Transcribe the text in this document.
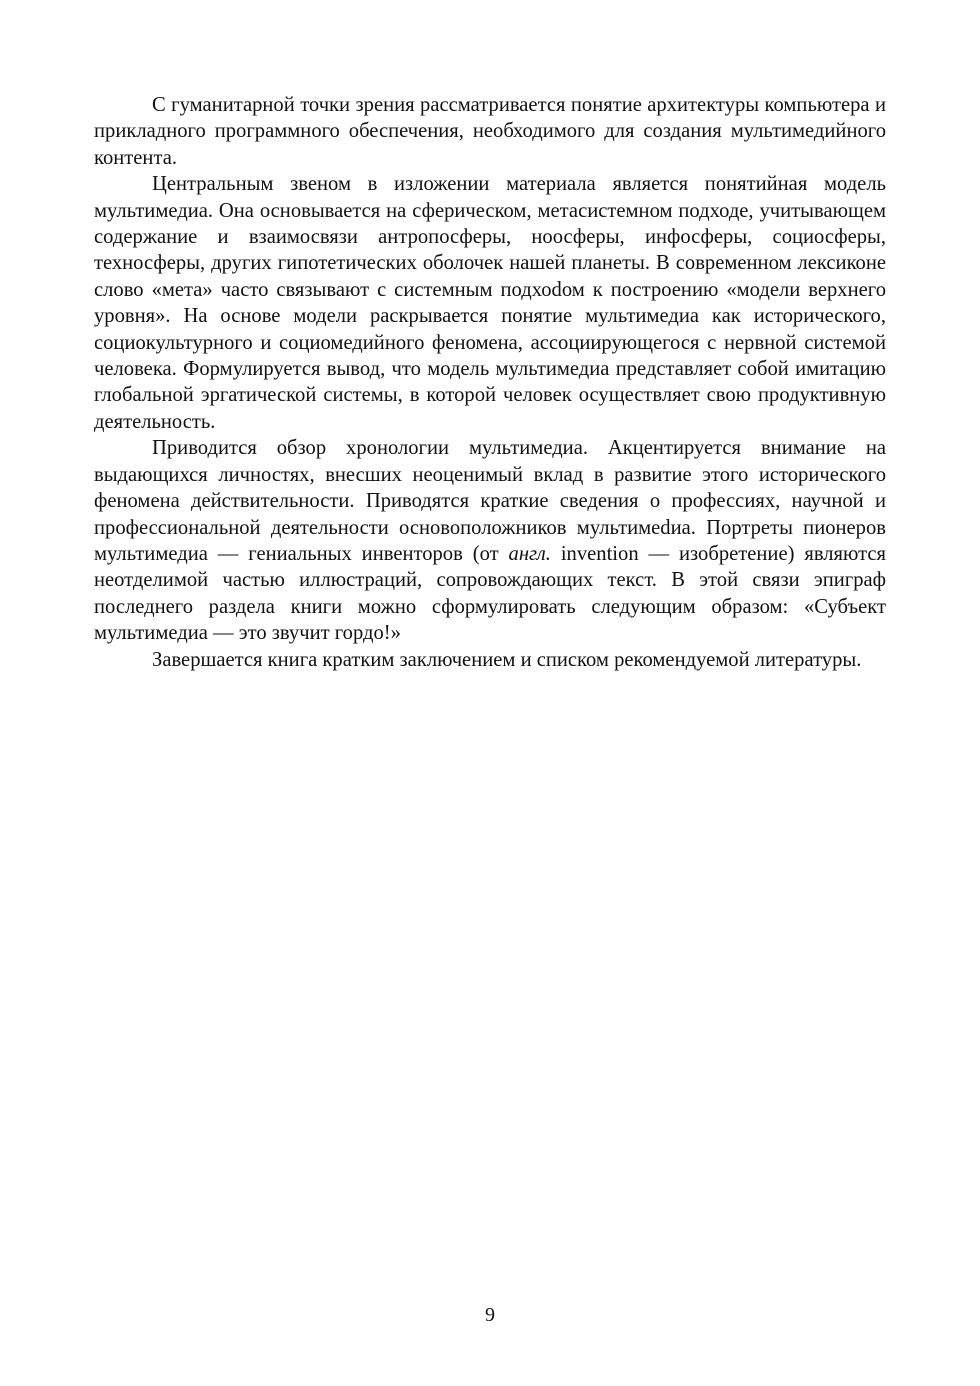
С гуманитарной точки зрения рассматривается понятие архитектуры компьютера и прикладного программного обеспечения, необходимого для создания мультимедийного контента.

Центральным звеном в изложении материала является понятийная модель мультимедиа. Она основывается на сферическом, метасистемном подходе, учитывающем содержание и взаимосвязи антропосферы, ноосферы, инфосферы, социосферы, техносферы, других гипотетических оболочек нашей планеты. В современном лексиконе слово «мета» часто связывают с системным подхоdом к построению «модели верхнего уровня». На основе модели раскрывается понятие мультимедиа как исторического, социокультурного и социомедийного феномена, ассоциирующегося с нервной системой человека. Формулируется вывод, что модель мультимедиа представляет собой имитацию глобальной эргатической системы, в которой человек осуществляет свою продуктивную деятельность.

Приводится обзор хронологии мультимедиа. Акцентируется внимание на выдающихся личностях, внесших неоценимый вклад в развитие этого исторического феномена действительности. Приводятся краткие сведения о профессиях, научной и профессиональной деятельности основоположников мультимеdиа. Портреты пионеров мультимедиа — гениальных инвенторов (от англ. invention — изобретение) являются неотделимой частью иллюстраций, сопровождающих текст. В этой связи эпиграф последнего раздела книги можно сформулировать следующим образом: «Субъект мультимедиа — это звучит гордо!»

Завершается книга кратким заключением и списком рекомендуемой литературы.

9
